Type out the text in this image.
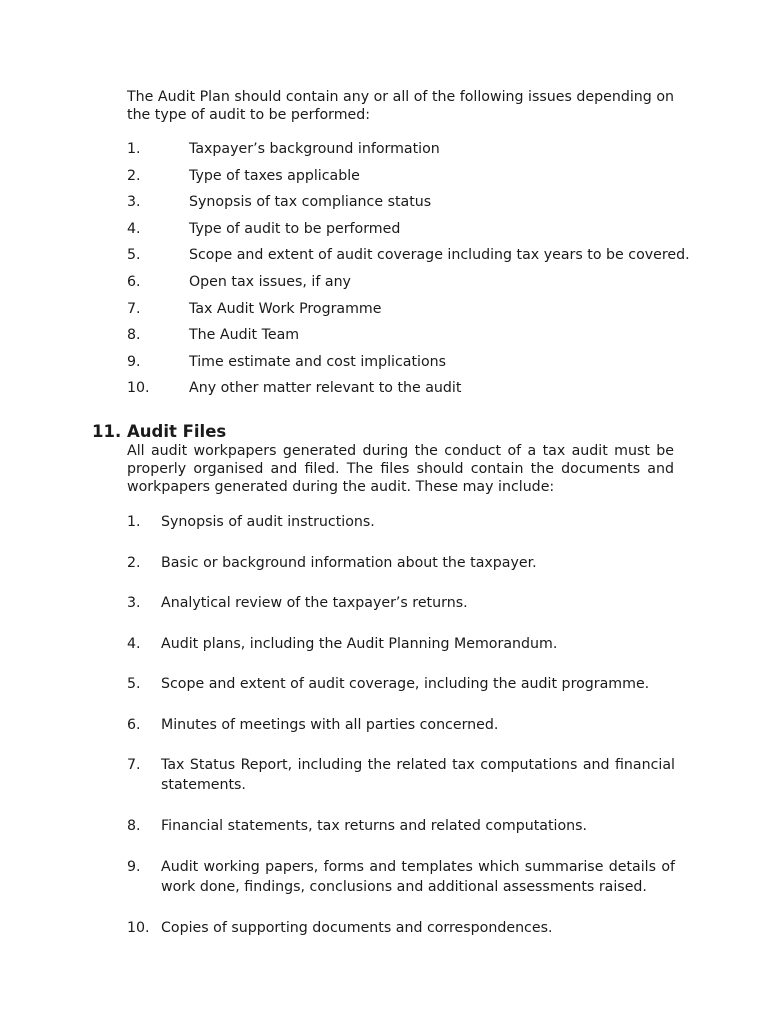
The Audit Plan should contain any or all of the following issues depending on the type of audit to be performed:

1.	Taxpayer’s background information
2.	Type of taxes applicable
3.	Synopsis of tax compliance status
4.	Type of audit to be performed
5.	Scope and extent of audit coverage including tax years to be covered.
6.	Open tax issues, if any
7.	Tax Audit Work Programme
8.	The Audit Team
9.	Time estimate and cost implications
10.	Any other matter relevant to the audit
11. Audit Files

All audit workpapers generated during the conduct of a tax audit must be properly organised and filed. The files should contain the documents and workpapers generated during the audit. These may include:

1. Synopsis of audit instructions.
2. Basic or background information about the taxpayer.
3. Analytical review of the taxpayer’s returns.
4. Audit plans, including the Audit Planning Memorandum.
5. Scope and extent of audit coverage, including the audit programme.
6. Minutes of meetings with all parties concerned.
7. Tax Status Report, including the related tax computations and financial statements.
8. Financial statements, tax returns and related computations.
9. Audit working papers, forms and templates which summarise details of work done, findings, conclusions and additional assessments raised.
10. Copies of supporting documents and correspondences.
